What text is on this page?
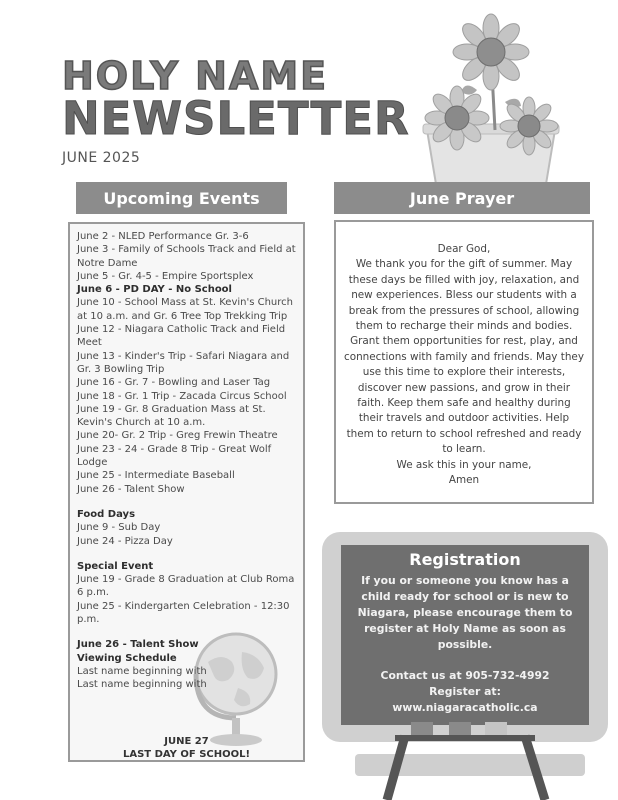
HOLY NAME
NEWSLETTER
JUNE 2025
Upcoming Events	June Prayer

June 2 - NLED Performance Gr. 3-6

June 3 - Family of Schools Track and Field at Notre Dame

June 5 - Gr. 4-5 - Empire Sportsplex

June 6 - PD DAY - No School

June 10 - School Mass at St. Kevin's Church at 10 a.m. and Gr. 6 Tree Top Trekking Trip

June 12 - Niagara Catholic Track and Field Meet

June 13 - Kinder's Trip - Safari Niagara and Gr. 3 Bowling Trip

June 16 - Gr. 7 - Bowling and Laser Tag

June 18 - Gr. 1 Trip - Zacada Circus School

June 19 - Gr. 8 Graduation Mass at St. Kevin's Church at 10 a.m.

June 20- Gr. 2 Trip - Greg Frewin Theatre

June 23 - 24 - Grade 8 Trip - Great Wolf Lodge

June 25 - Intermediate Baseball

June 26 - Talent Show

Food Days

June 9 - Sub Day

June 24 - Pizza Day

Special Event

June 19 - Grade 8 Graduation at Club Roma 6 p.m.

June 25 - Kindergarten Celebration - 12:30 p.m.

June 26 - Talent Show

Viewing Schedule

Last name beginning with

Last name beginning with

JUNE 27
LAST DAY OF SCHOOL!

Dear God,

We thank you for the gift of summer. May these days be filled with joy, relaxation, and new experiences. Bless our students with a break from the pressures of school, allowing them to recharge their minds and bodies. Grant them opportunities for rest, play, and connections with family and friends. May they use this time to explore their interests, discover new passions, and grow in their faith. Keep them safe and healthy during their travels and outdoor activities. Help them to return to school refreshed and ready to learn.

We ask this in your name,

Amen

Registration

If you or someone you know has a child ready for school or is new to Niagara, please encourage them to register at Holy Name as soon as possible.

Contact us at 905-732-4992

Register at:

www.niagaracatholic.ca
